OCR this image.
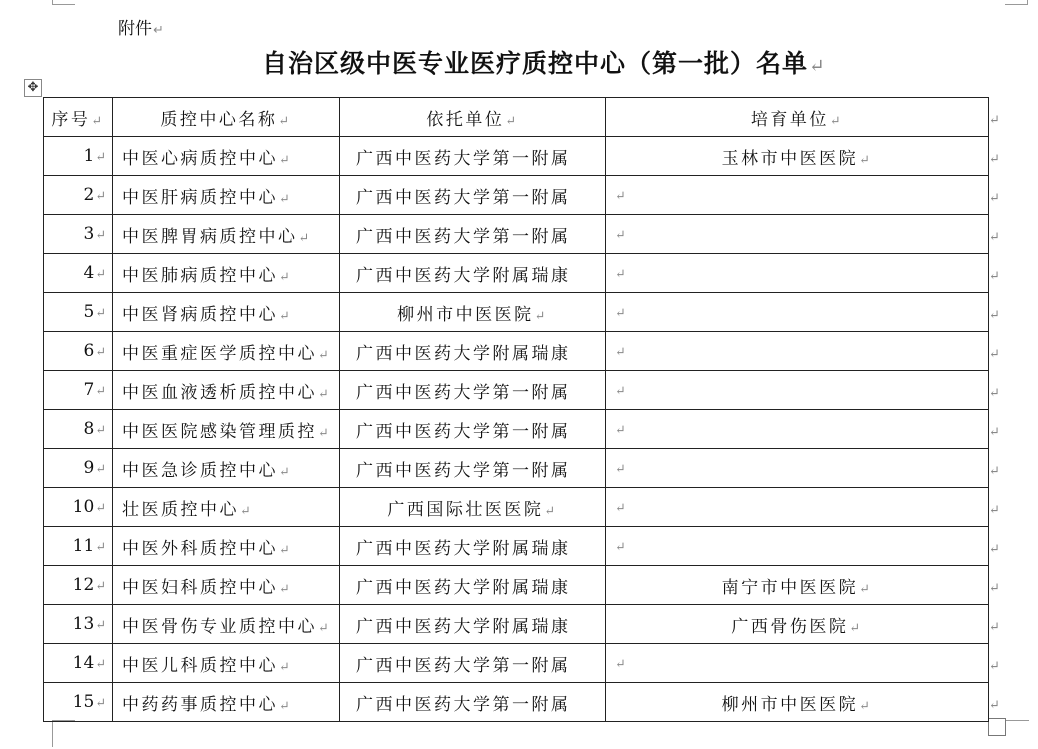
附件↵
自治区级中医专业医疗质控中心（第一批）名单↵
✥
序号↵	质控中心名称↵	依托单位↵	培育单位↵
1↵	中医心病质控中心↵	广西中医药大学第一附属	玉林市中医医院↵
2↵	中医肝病质控中心↵	广西中医药大学第一附属	↵
3↵	中医脾胃病质控中心↵	广西中医药大学第一附属	↵
4↵	中医肺病质控中心↵	广西中医药大学附属瑞康	↵
5↵	中医肾病质控中心↵	柳州市中医医院↵	↵
6↵	中医重症医学质控中心↵	广西中医药大学附属瑞康	↵
7↵	中医血液透析质控中心↵	广西中医药大学第一附属	↵
8↵	中医医院感染管理质控↵	广西中医药大学第一附属	↵
9↵	中医急诊质控中心↵	广西中医药大学第一附属	↵
10↵	壮医质控中心↵	广西国际壮医医院↵	↵
11↵	中医外科质控中心↵	广西中医药大学附属瑞康	↵
12↵	中医妇科质控中心↵	广西中医药大学附属瑞康	南宁市中医医院↵
13↵	中医骨伤专业质控中心↵	广西中医药大学附属瑞康	广西骨伤医院↵
14↵	中医儿科质控中心↵	广西中医药大学第一附属	↵
15↵	中药药事质控中心↵	广西中医药大学第一附属	柳州市中医医院↵
↵
↵
↵
↵
↵
↵
↵
↵
↵
↵
↵
↵
↵
↵
↵
↵
